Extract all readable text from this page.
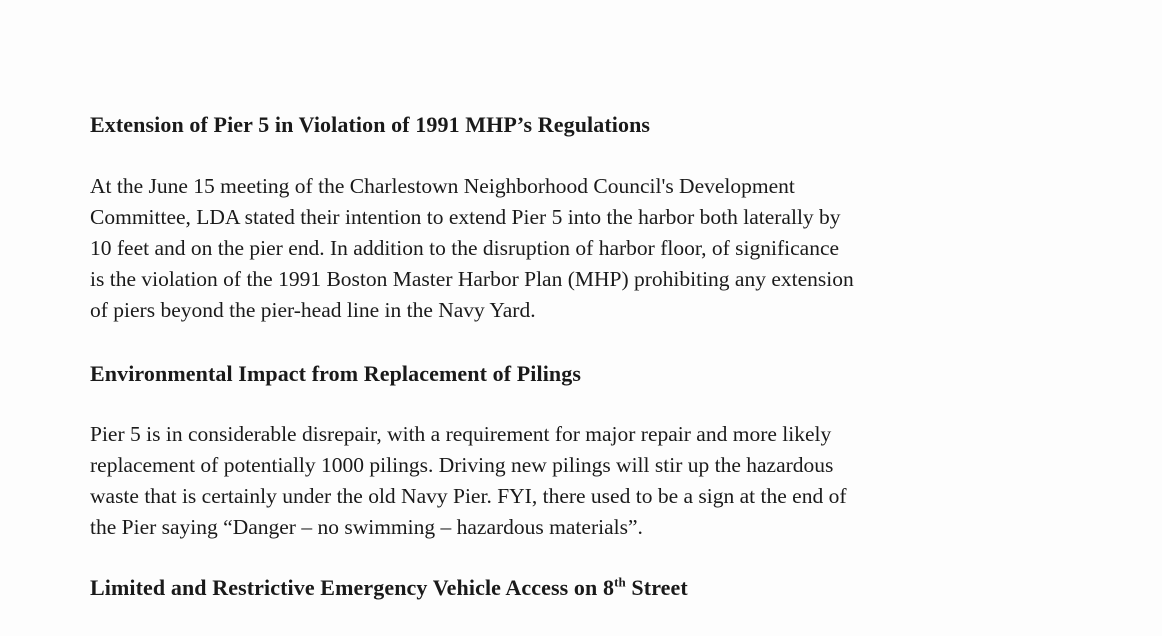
Extension of Pier 5 in Violation of 1991 MHP’s Regulations

At the June 15 meeting of the Charlestown Neighborhood Council's Development
Committee, LDA stated their intention to extend Pier 5 into the harbor both laterally by
10 feet and on the pier end. In addition to the disruption of harbor floor, of significance
is the violation of the 1991 Boston Master Harbor Plan (MHP) prohibiting any extension
of piers beyond the pier-head line in the Navy Yard.

Environmental Impact from Replacement of Pilings

Pier 5 is in considerable disrepair, with a requirement for major repair and more likely
replacement of potentially 1000 pilings. Driving new pilings will stir up the hazardous
waste that is certainly under the old Navy Pier. FYI, there used to be a sign at the end of
the Pier saying “Danger – no swimming – hazardous materials”.

Limited and Restrictive Emergency Vehicle Access on 8th Street
